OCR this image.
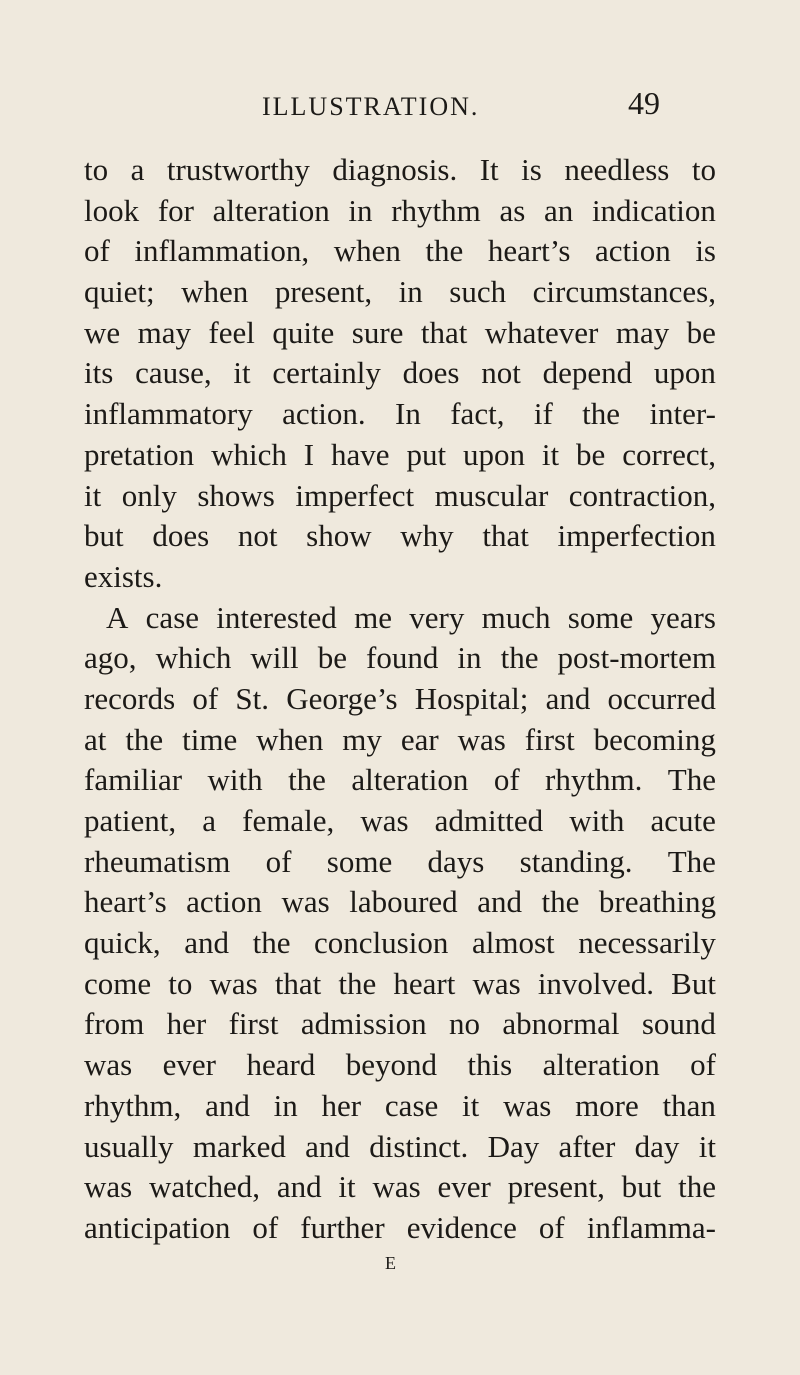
ILLUSTRATION.	49
to a trustworthy diagnosis. It is needless to
look for alteration in rhythm as an indication
of inflammation, when the heart’s action is
quiet; when present, in such circumstances,
we may feel quite sure that whatever may be
its cause, it certainly does not depend upon
inflammatory action. In fact, if the inter-
pretation which I have put upon it be correct,
it only shows imperfect muscular contraction,
but does not show why that imperfection
exists.
A case interested me very much some years
ago, which will be found in the post-mortem
records of St. George’s Hospital; and occurred
at the time when my ear was first becoming
familiar with the alteration of rhythm. The
patient, a female, was admitted with acute
rheumatism of some days standing. The
heart’s action was laboured and the breathing
quick, and the conclusion almost necessarily
come to was that the heart was involved. But
from her first admission no abnormal sound
was ever heard beyond this alteration of
rhythm, and in her case it was more than
usually marked and distinct. Day after day it
was watched, and it was ever present, but the
anticipation of further evidence of inflamma-
E
